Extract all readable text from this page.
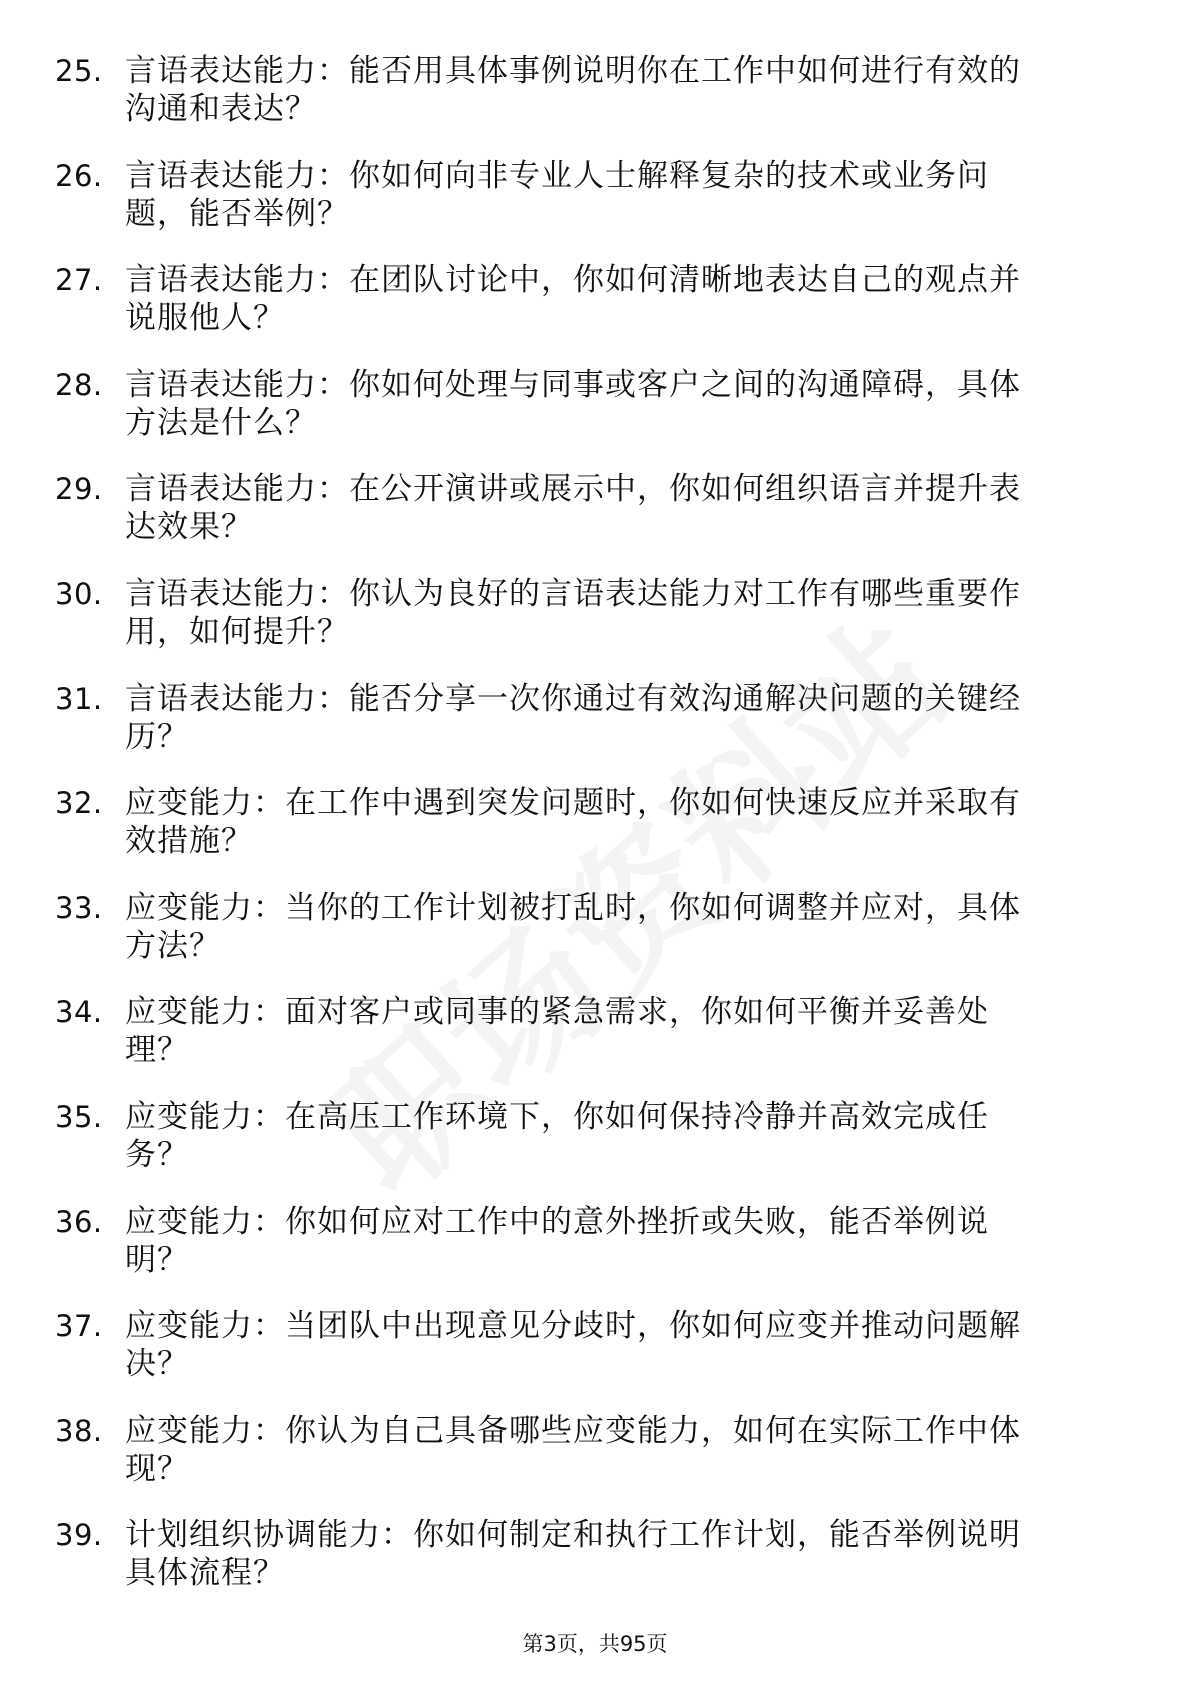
25. 言语表达能力：能否用具体事例说明你在工作中如何进行有效的沟通和表达？
26. 言语表达能力：你如何向非专业人士解释复杂的技术或业务问题，能否举例？
27. 言语表达能力：在团队讨论中，你如何清晰地表达自己的观点并说服他人？
28. 言语表达能力：你如何处理与同事或客户之间的沟通障碍，具体方法是什么？
29. 言语表达能力：在公开演讲或展示中，你如何组织语言并提升表达效果？
30. 言语表达能力：你认为良好的言语表达能力对工作有哪些重要作用，如何提升？
31. 言语表达能力：能否分享一次你通过有效沟通解决问题的关键经历？
32. 应变能力：在工作中遇到突发问题时，你如何快速反应并采取有效措施？
33. 应变能力：当你的工作计划被打乱时，你如何调整并应对，具体方法？
34. 应变能力：面对客户或同事的紧急需求，你如何平衡并妥善处理？
35. 应变能力：在高压工作环境下，你如何保持冷静并高效完成任务？
36. 应变能力：你如何应对工作中的意外挫折或失败，能否举例说明？
37. 应变能力：当团队中出现意见分歧时，你如何应变并推动问题解决？
38. 应变能力：你认为自己具备哪些应变能力，如何在实际工作中体现？
39. 计划组织协调能力：你如何制定和执行工作计划，能否举例说明具体流程？
第3页，共95页
